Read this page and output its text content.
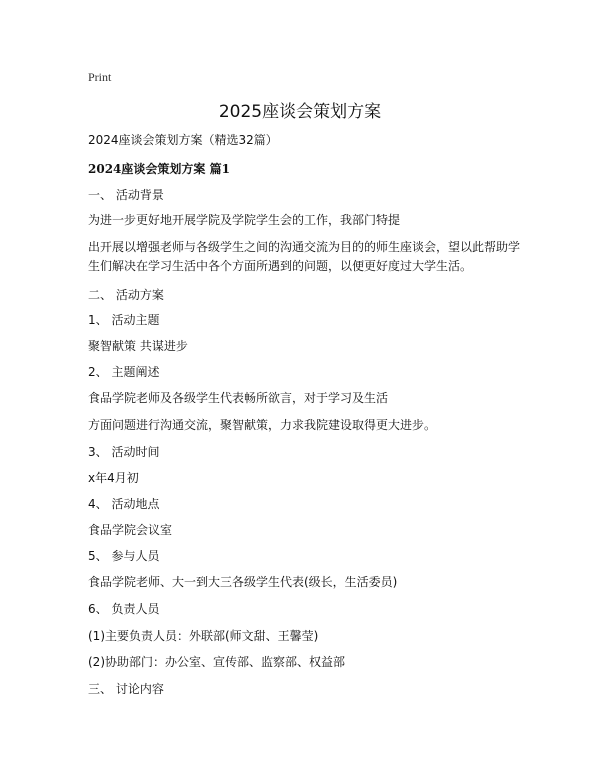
Print
2025座谈会策划方案
2024座谈会策划方案（精选32篇）
2024座谈会策划方案 篇1
一、 活动背景
为进一步更好地开展学院及学院学生会的工作，我部门特提
出开展以增强老师与各级学生之间的沟通交流为目的的师生座谈会，望以此帮助学生们解决在学习生活中各个方面所遇到的问题，以便更好度过大学生活。
二、 活动方案
1、 活动主题
聚智献策 共谋进步
2、 主题阐述
食品学院老师及各级学生代表畅所欲言，对于学习及生活
方面问题进行沟通交流，聚智献策，力求我院建设取得更大进步。
3、 活动时间
x年4月初
4、 活动地点
食品学院会议室
5、 参与人员
食品学院老师、大一到大三各级学生代表(级长，生活委员)
6、 负责人员
(1)主要负责人员：外联部(师文甜、王馨莹)
(2)协助部门：办公室、宣传部、监察部、权益部
三、 讨论内容
